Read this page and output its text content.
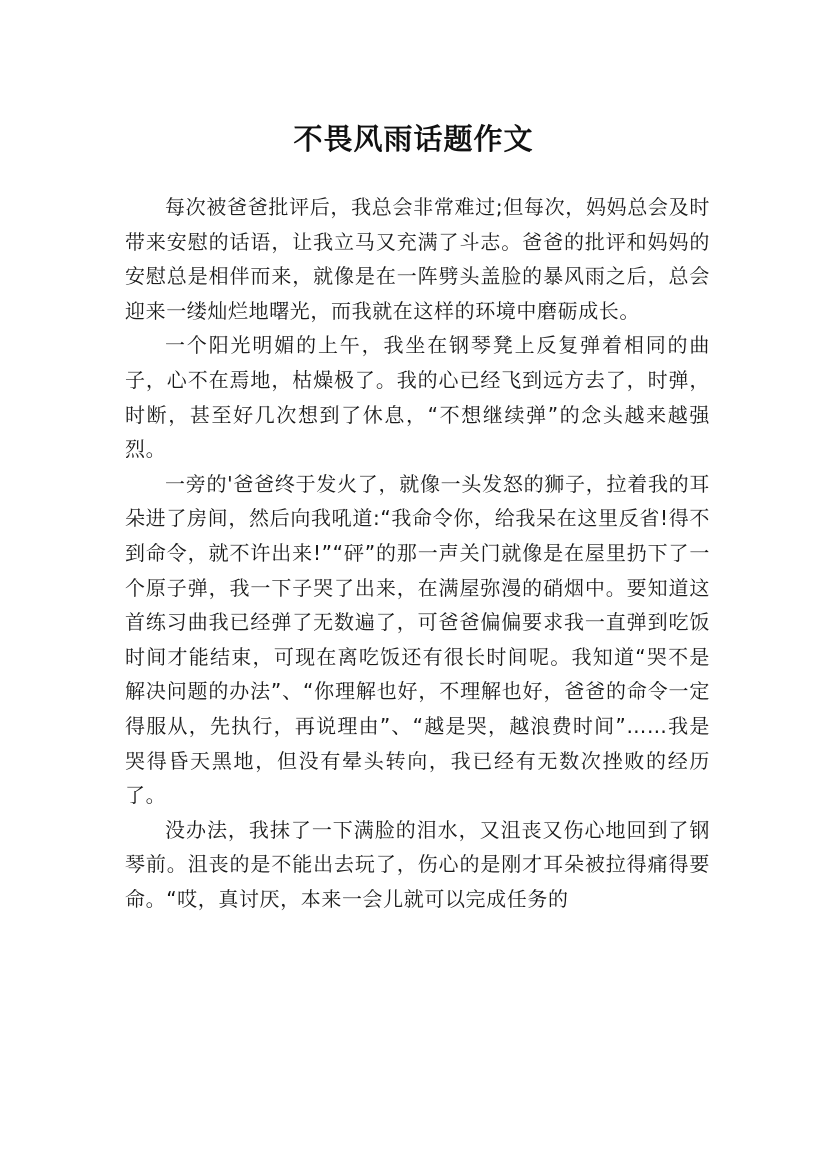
不畏风雨话题作文

每次被爸爸批评后，我总会非常难过;但每次，妈妈总会及时带来安慰的话语，让我立马又充满了斗志。爸爸的批评和妈妈的安慰总是相伴而来，就像是在一阵劈头盖脸的暴风雨之后，总会迎来一缕灿烂地曙光，而我就在这样的环境中磨砺成长。

一个阳光明媚的上午，我坐在钢琴凳上反复弹着相同的曲子，心不在焉地，枯燥极了。我的心已经飞到远方去了，时弹，时断，甚至好几次想到了休息，“不想继续弹”的念头越来越强烈。

一旁的'爸爸终于发火了，就像一头发怒的狮子，拉着我的耳朵进了房间，然后向我吼道:“我命令你，给我呆在这里反省!得不到命令，就不许出来!”“砰”的那一声关门就像是在屋里扔下了一个原子弹，我一下子哭了出来，在满屋弥漫的硝烟中。要知道这首练习曲我已经弹了无数遍了，可爸爸偏偏要求我一直弹到吃饭时间才能结束，可现在离吃饭还有很长时间呢。我知道“哭不是解决问题的办法”、“你理解也好，不理解也好，爸爸的命令一定得服从，先执行，再说理由”、“越是哭，越浪费时间”……我是哭得昏天黑地，但没有晕头转向，我已经有无数次挫败的经历了。

没办法，我抹了一下满脸的泪水，又沮丧又伤心地回到了钢琴前。沮丧的是不能出去玩了，伤心的是刚才耳朵被拉得痛得要命。“哎，真讨厌，本来一会儿就可以完成任务的
